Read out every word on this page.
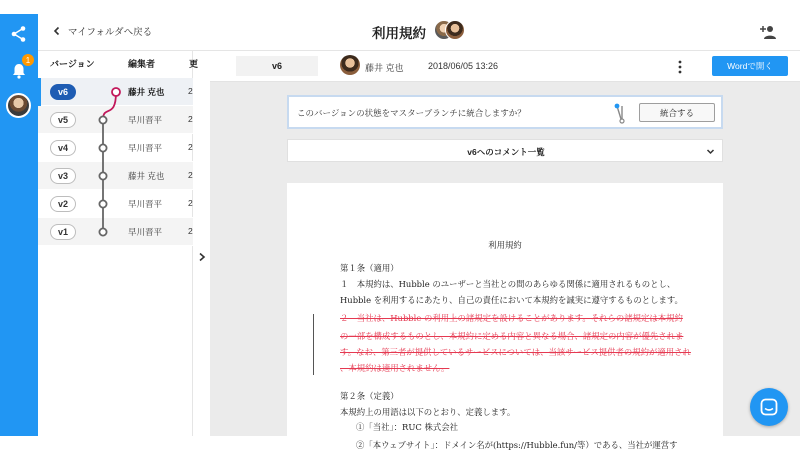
1
マイフォルダへ戻る	利用規約
バージョン	編集者	更
v6	藤井 克也	2
v5	早川晋平	2
v4	早川晋平	2
v3	藤井 克也	2
v2	早川晋平	2
v1	早川晋平	2
v6	藤井 克也	2018/06/05 13:26	Wordで開く
このバージョンの状態をマスターブランチに統合しますか？	統合する
v6へのコメント一覧
利用規約
第１条（適用）
１　本規約は、Hubble のユーザーと当社との間のあらゆる関係に適用されるものとし、
Hubble を利用するにあたり、自己の責任において本規約を誠実に遵守するものとします。
２　当社は、Hubble の利用上の諸規定を設けることがあります。それらの諸規定は本規約
の一部を構成するものとし、本規約に定める内容と異なる場合、諸規定の内容が優先されま
す。なお、第三者が提供しているサービスについては、当該サービス提供者の規約が適用され
、本規約は適用されません。
第２条（定義）
本規約上の用語は以下のとおり、定義します。
①「当社」：RUC 株式会社
②「本ウェブサイト」：ドメイン名が(https://Hubble.fun/等）である、当社が運営す
